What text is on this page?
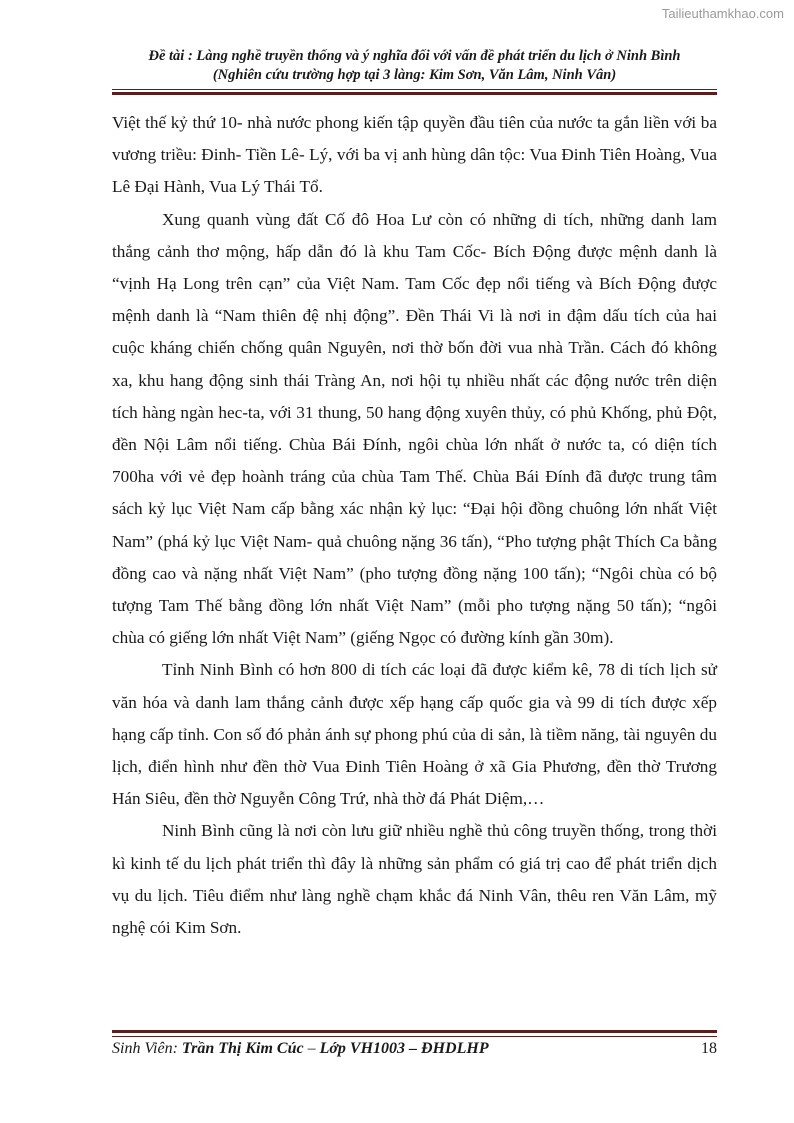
Tailieuthamkhao.com
Đề tài : Làng nghề truyền thống và ý nghĩa đối với vấn đề phát triển du lịch ở Ninh Bình
(Nghiên cứu trường hợp tại 3 làng: Kim Sơn, Văn Lâm, Ninh Vân)

Việt thế kỷ thứ 10- nhà nước phong kiến tập quyền đầu tiên của nước ta gắn liền với ba vương triều: Đinh- Tiền Lê- Lý, với ba vị anh hùng dân tộc: Vua Đinh Tiên Hoàng, Vua Lê Đại Hành, Vua Lý Thái Tổ.

Xung quanh vùng đất Cố đô Hoa Lư còn có những di tích, những danh lam thắng cảnh thơ mộng, hấp dẫn đó là khu Tam Cốc- Bích Động được mệnh danh là “vịnh Hạ Long trên cạn” của Việt Nam. Tam Cốc đẹp nổi tiếng và Bích Động được mệnh danh là “Nam thiên đệ nhị động”. Đền Thái Vi là nơi in đậm dấu tích của hai cuộc kháng chiến chống quân Nguyên, nơi thờ bốn đời vua nhà Trần. Cách đó không xa, khu hang động sinh thái Tràng An, nơi hội tụ nhiều nhất các động nước trên diện tích hàng ngàn hec-ta, với 31 thung, 50 hang động xuyên thủy, có phủ Khống, phủ Đột, đền Nội Lâm nổi tiếng. Chùa Bái Đính, ngôi chùa lớn nhất ở nước ta, có diện tích 700ha với vẻ đẹp hoành tráng của chùa Tam Thế. Chùa Bái Đính đã được trung tâm sách kỷ lục Việt Nam cấp bằng xác nhận kỷ lục: “Đại hội đồng chuông lớn nhất Việt Nam” (phá kỷ lục Việt Nam- quả chuông nặng 36 tấn), “Pho tượng phật Thích Ca bằng đồng cao và nặng nhất Việt Nam” (pho tượng đồng nặng 100 tấn); “Ngôi chùa có bộ tượng Tam Thế bằng đồng lớn nhất Việt Nam” (mỗi pho tượng nặng 50 tấn); “ngôi chùa có giếng lớn nhất Việt Nam” (giếng Ngọc có đường kính gần 30m).

Tỉnh Ninh Bình có hơn 800 di tích các loại đã được kiểm kê, 78 di tích lịch sử văn hóa và danh lam thắng cảnh được xếp hạng cấp quốc gia và 99 di tích được xếp hạng cấp tỉnh. Con số đó phản ánh sự phong phú của di sản, là tiềm năng, tài nguyên du lịch, điển hình như đền thờ Vua Đinh Tiên Hoàng ở xã Gia Phương, đền thờ Trương Hán Siêu, đền thờ Nguyễn Công Trứ, nhà thờ đá Phát Diệm,…

Ninh Bình cũng là nơi còn lưu giữ nhiều nghề thủ công truyền thống, trong thời kì kinh tế du lịch phát triển thì đây là những sản phẩm có giá trị cao để phát triển dịch vụ du lịch. Tiêu điểm như làng nghề chạm khắc đá Ninh Vân, thêu ren Văn Lâm, mỹ nghệ cói Kim Sơn.

Sinh Viên: Trần Thị Kim Cúc – Lớp VH1003 – ĐHDLHP	18
